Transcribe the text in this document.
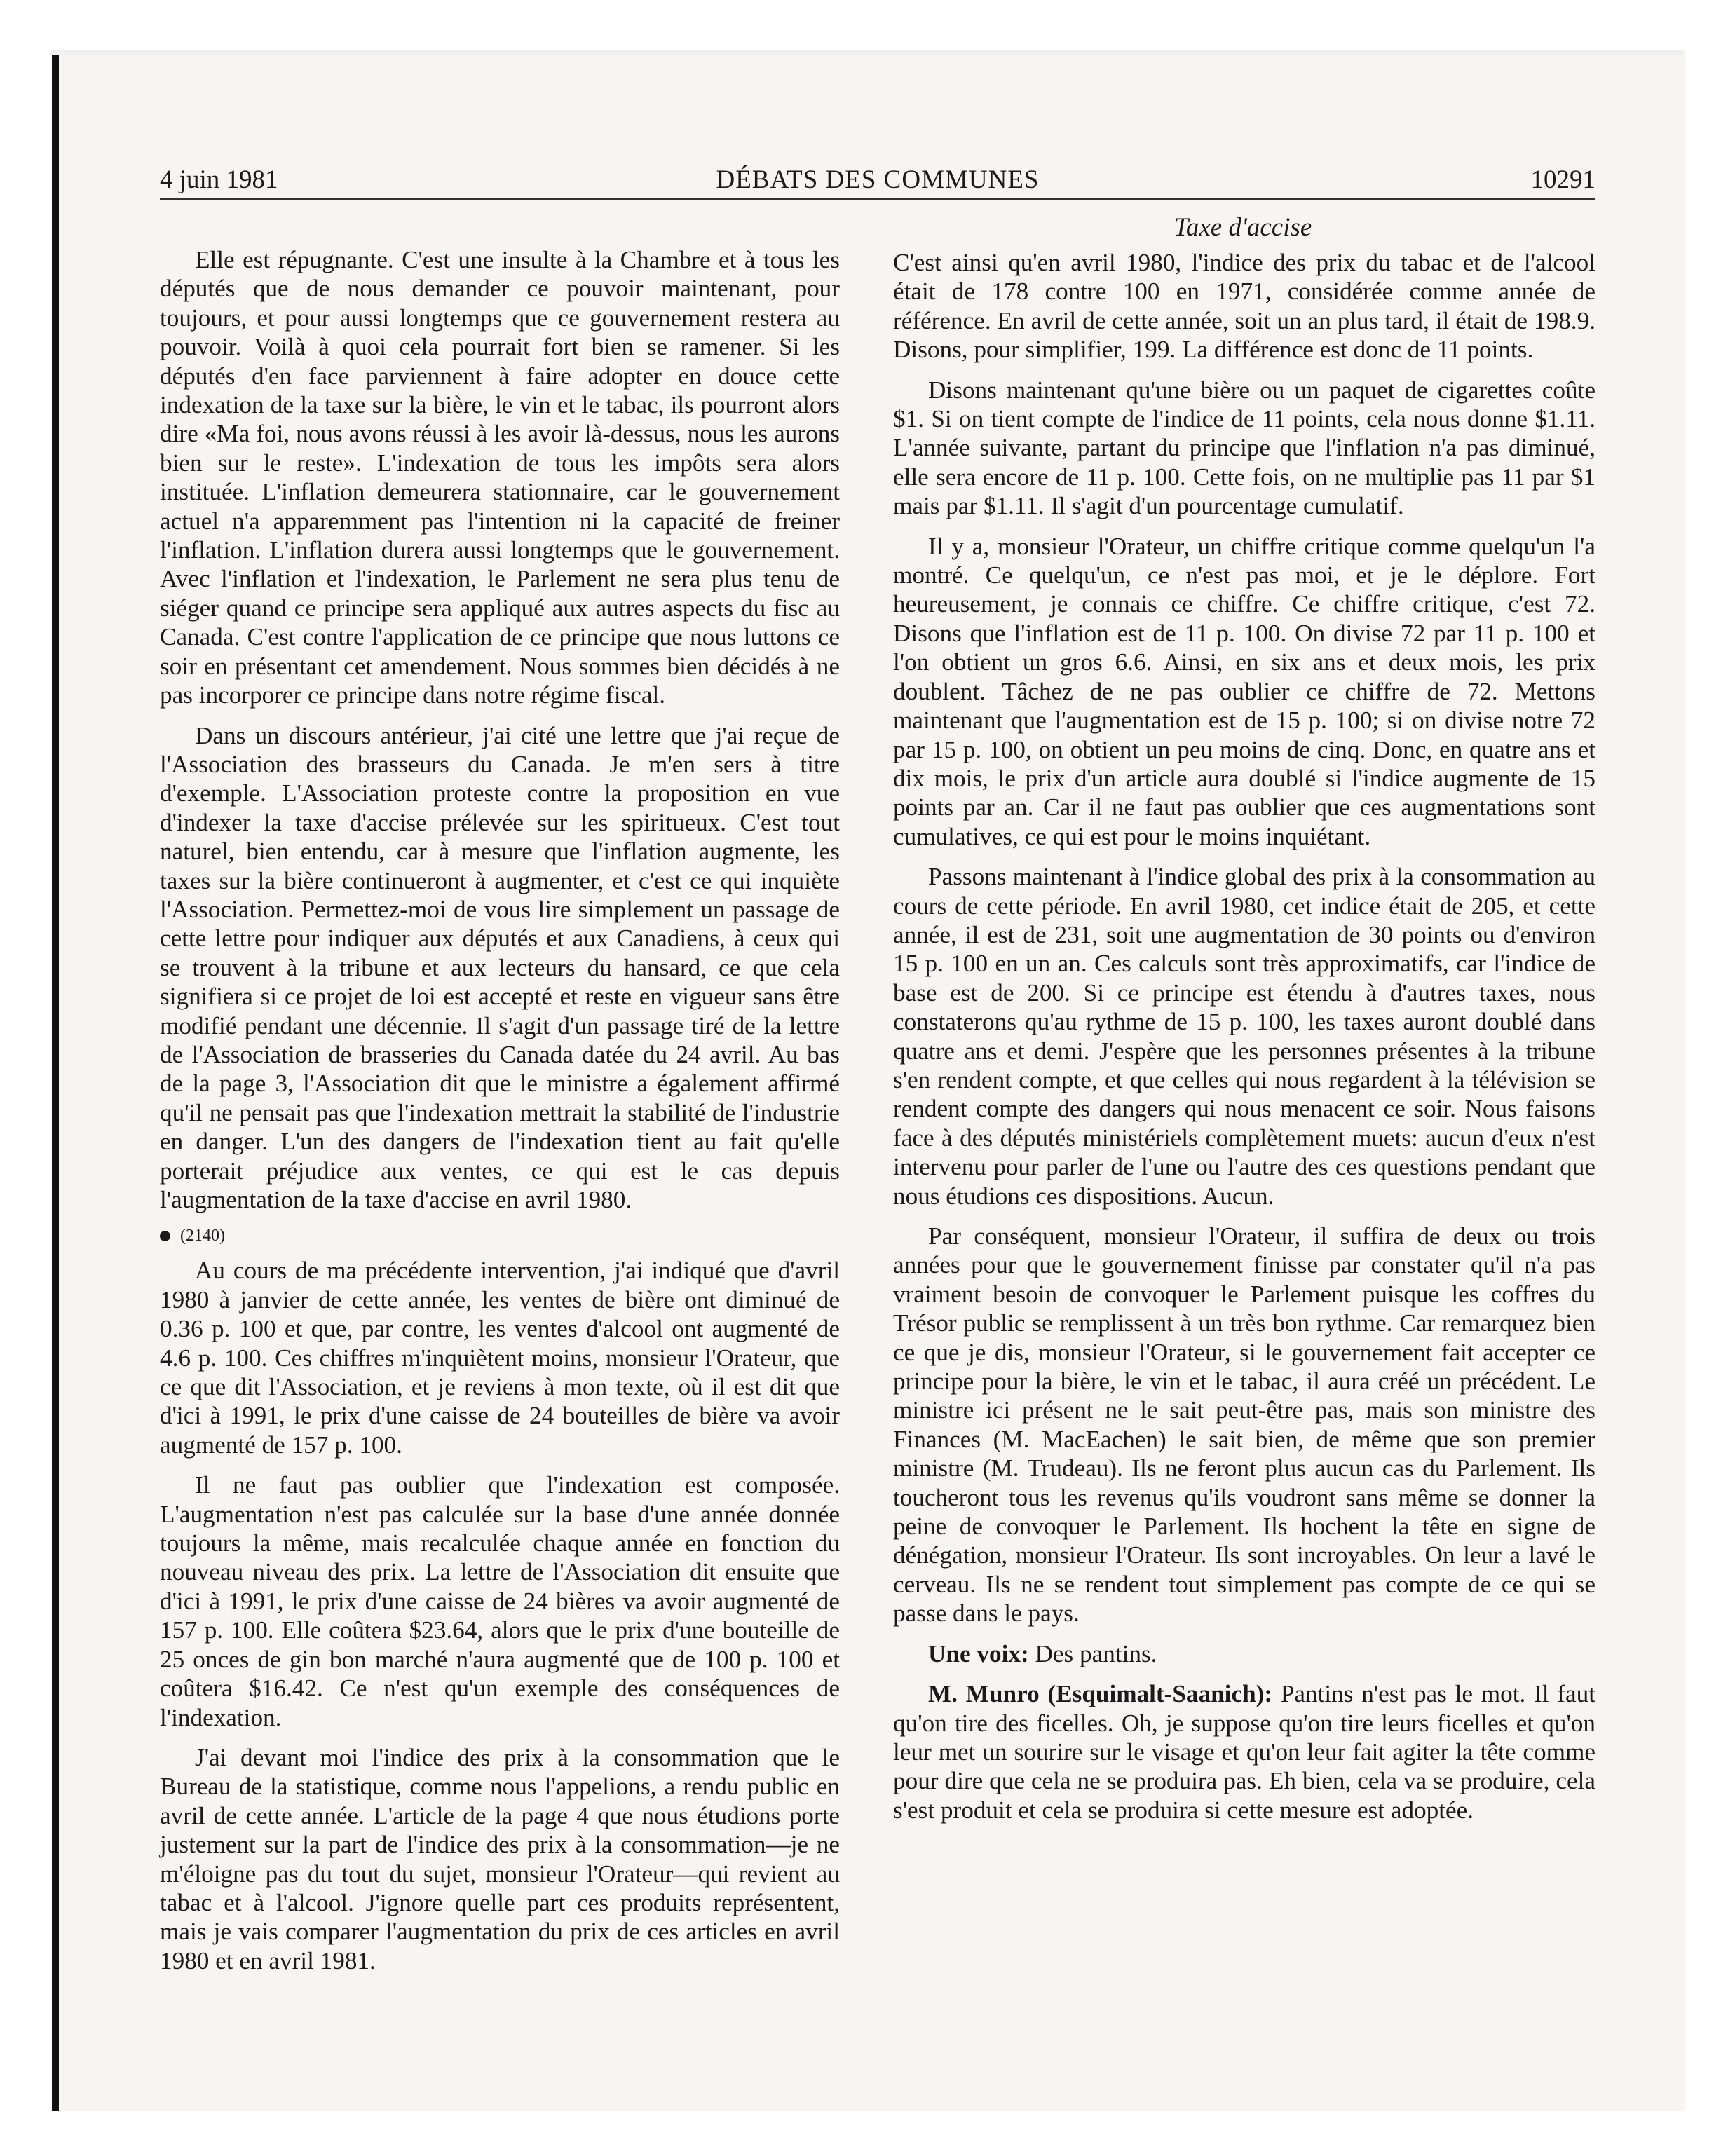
4 juin 1981	DÉBATS DES COMMUNES	10291
Taxe d'accise

Elle est répugnante. C'est une insulte à la Chambre et à tous les députés que de nous demander ce pouvoir maintenant, pour toujours, et pour aussi longtemps que ce gouvernement restera au pouvoir. Voilà à quoi cela pourrait fort bien se ramener. Si les députés d'en face parviennent à faire adopter en douce cette indexation de la taxe sur la bière, le vin et le tabac, ils pourront alors dire «Ma foi, nous avons réussi à les avoir là-dessus, nous les aurons bien sur le reste». L'indexation de tous les impôts sera alors instituée. L'inflation demeurera stationnaire, car le gouvernement actuel n'a apparemment pas l'intention ni la capacité de freiner l'inflation. L'inflation durera aussi longtemps que le gouvernement. Avec l'inflation et l'indexation, le Parlement ne sera plus tenu de siéger quand ce principe sera appliqué aux autres aspects du fisc au Canada. C'est contre l'application de ce principe que nous luttons ce soir en présentant cet amendement. Nous sommes bien décidés à ne pas incorporer ce principe dans notre régime fiscal.

Dans un discours antérieur, j'ai cité une lettre que j'ai reçue de l'Association des brasseurs du Canada. Je m'en sers à titre d'exemple. L'Association proteste contre la proposition en vue d'indexer la taxe d'accise prélevée sur les spiritueux. C'est tout naturel, bien entendu, car à mesure que l'inflation augmente, les taxes sur la bière continueront à augmenter, et c'est ce qui inquiète l'Association. Permettez-moi de vous lire simplement un passage de cette lettre pour indiquer aux députés et aux Canadiens, à ceux qui se trouvent à la tribune et aux lecteurs du hansard, ce que cela signifiera si ce projet de loi est accepté et reste en vigueur sans être modifié pendant une décennie. Il s'agit d'un passage tiré de la lettre de l'Association de brasseries du Canada datée du 24 avril. Au bas de la page 3, l'Association dit que le ministre a également affirmé qu'il ne pensait pas que l'indexation mettrait la stabilité de l'industrie en danger. L'un des dangers de l'indexation tient au fait qu'elle porterait préjudice aux ventes, ce qui est le cas depuis l'augmentation de la taxe d'accise en avril 1980.

(2140)

Au cours de ma précédente intervention, j'ai indiqué que d'avril 1980 à janvier de cette année, les ventes de bière ont diminué de 0.36 p. 100 et que, par contre, les ventes d'alcool ont augmenté de 4.6 p. 100. Ces chiffres m'inquiètent moins, monsieur l'Orateur, que ce que dit l'Association, et je reviens à mon texte, où il est dit que d'ici à 1991, le prix d'une caisse de 24 bouteilles de bière va avoir augmenté de 157 p. 100.

Il ne faut pas oublier que l'indexation est composée. L'augmentation n'est pas calculée sur la base d'une année donnée toujours la même, mais recalculée chaque année en fonction du nouveau niveau des prix. La lettre de l'Association dit ensuite que d'ici à 1991, le prix d'une caisse de 24 bières va avoir augmenté de 157 p. 100. Elle coûtera $23.64, alors que le prix d'une bouteille de 25 onces de gin bon marché n'aura augmenté que de 100 p. 100 et coûtera $16.42. Ce n'est qu'un exemple des conséquences de l'indexation.

J'ai devant moi l'indice des prix à la consommation que le Bureau de la statistique, comme nous l'appelions, a rendu public en avril de cette année. L'article de la page 4 que nous étudions porte justement sur la part de l'indice des prix à la consommation—je ne m'éloigne pas du tout du sujet, monsieur l'Orateur—qui revient au tabac et à l'alcool. J'ignore quelle part ces produits représentent, mais je vais comparer l'augmentation du prix de ces articles en avril 1980 et en avril 1981.

C'est ainsi qu'en avril 1980, l'indice des prix du tabac et de l'alcool était de 178 contre 100 en 1971, considérée comme année de référence. En avril de cette année, soit un an plus tard, il était de 198.9. Disons, pour simplifier, 199. La différence est donc de 11 points.

Disons maintenant qu'une bière ou un paquet de cigarettes coûte $1. Si on tient compte de l'indice de 11 points, cela nous donne $1.11. L'année suivante, partant du principe que l'inflation n'a pas diminué, elle sera encore de 11 p. 100. Cette fois, on ne multiplie pas 11 par $1 mais par $1.11. Il s'agit d'un pourcentage cumulatif.

Il y a, monsieur l'Orateur, un chiffre critique comme quelqu'un l'a montré. Ce quelqu'un, ce n'est pas moi, et je le déplore. Fort heureusement, je connais ce chiffre. Ce chiffre critique, c'est 72. Disons que l'inflation est de 11 p. 100. On divise 72 par 11 p. 100 et l'on obtient un gros 6.6. Ainsi, en six ans et deux mois, les prix doublent. Tâchez de ne pas oublier ce chiffre de 72. Mettons maintenant que l'augmentation est de 15 p. 100; si on divise notre 72 par 15 p. 100, on obtient un peu moins de cinq. Donc, en quatre ans et dix mois, le prix d'un article aura doublé si l'indice augmente de 15 points par an. Car il ne faut pas oublier que ces augmentations sont cumulatives, ce qui est pour le moins inquiétant.

Passons maintenant à l'indice global des prix à la consommation au cours de cette période. En avril 1980, cet indice était de 205, et cette année, il est de 231, soit une augmentation de 30 points ou d'environ 15 p. 100 en un an. Ces calculs sont très approximatifs, car l'indice de base est de 200. Si ce principe est étendu à d'autres taxes, nous constaterons qu'au rythme de 15 p. 100, les taxes auront doublé dans quatre ans et demi. J'espère que les personnes présentes à la tribune s'en rendent compte, et que celles qui nous regardent à la télévision se rendent compte des dangers qui nous menacent ce soir. Nous faisons face à des députés ministériels complètement muets: aucun d'eux n'est intervenu pour parler de l'une ou l'autre des ces questions pendant que nous étudions ces dispositions. Aucun.

Par conséquent, monsieur l'Orateur, il suffira de deux ou trois années pour que le gouvernement finisse par constater qu'il n'a pas vraiment besoin de convoquer le Parlement puisque les coffres du Trésor public se remplissent à un très bon rythme. Car remarquez bien ce que je dis, monsieur l'Orateur, si le gouvernement fait accepter ce principe pour la bière, le vin et le tabac, il aura créé un précédent. Le ministre ici présent ne le sait peut-être pas, mais son ministre des Finances (M. MacEachen) le sait bien, de même que son premier ministre (M. Trudeau). Ils ne feront plus aucun cas du Parlement. Ils toucheront tous les revenus qu'ils voudront sans même se donner la peine de convoquer le Parlement. Ils hochent la tête en signe de dénégation, monsieur l'Orateur. Ils sont incroyables. On leur a lavé le cerveau. Ils ne se rendent tout simplement pas compte de ce qui se passe dans le pays.

Une voix: Des pantins.

M. Munro (Esquimalt-Saanich): Pantins n'est pas le mot. Il faut qu'on tire des ficelles. Oh, je suppose qu'on tire leurs ficelles et qu'on leur met un sourire sur le visage et qu'on leur fait agiter la tête comme pour dire que cela ne se produira pas. Eh bien, cela va se produire, cela s'est produit et cela se produira si cette mesure est adoptée.
